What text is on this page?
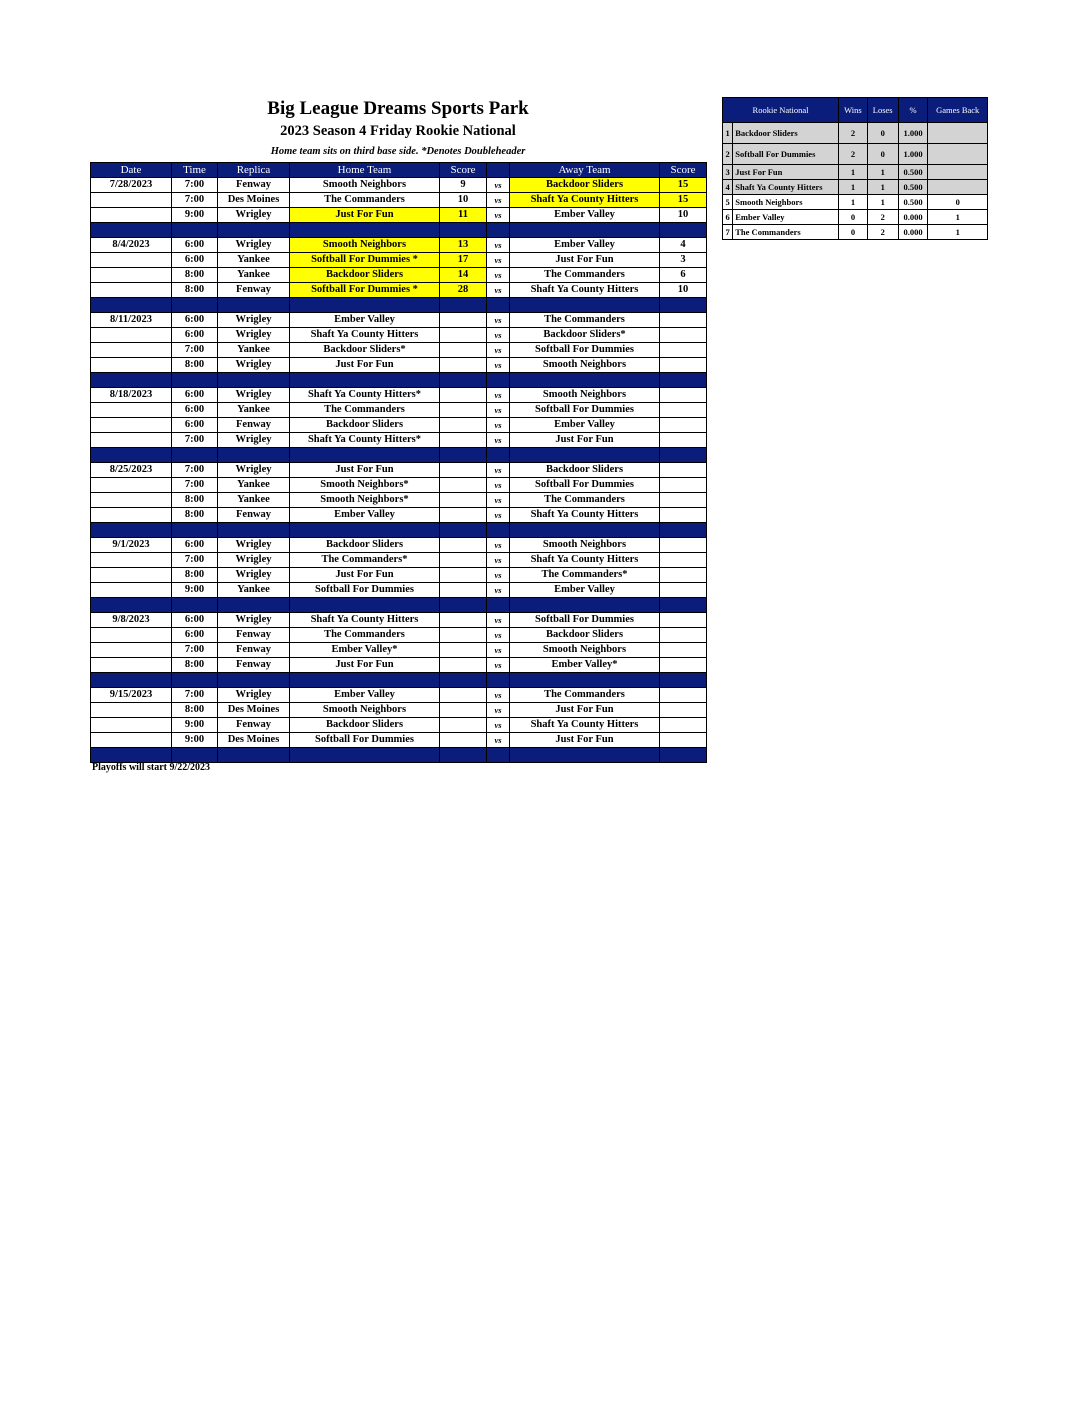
Big League Dreams Sports Park
2023 Season 4 Friday Rookie National
Home team sits on third base side. *Denotes Doubleheader
Date	Time	Replica	Home Team	Score		Away Team	Score
7/28/2023	7:00	Fenway	Smooth Neighbors	9	vs	Backdoor Sliders	15
	7:00	Des Moines	The Commanders	10	vs	Shaft Ya County Hitters	15
	9:00	Wrigley	Just For Fun	11	vs	Ember Valley	10

8/4/2023	6:00	Wrigley	Smooth Neighbors	13	vs	Ember Valley	4
	6:00	Yankee	Softball For Dummies *	17	vs	Just For Fun	3
	8:00	Yankee	Backdoor Sliders	14	vs	The Commanders	6
	8:00	Fenway	Softball For Dummies *	28	vs	Shaft Ya County Hitters	10

8/11/2023	6:00	Wrigley	Ember Valley		vs	The Commanders	
	6:00	Wrigley	Shaft Ya County Hitters		vs	Backdoor Sliders*	
	7:00	Yankee	Backdoor Sliders*		vs	Softball For Dummies	
	8:00	Wrigley	Just For Fun		vs	Smooth Neighbors	

8/18/2023	6:00	Wrigley	Shaft Ya County Hitters*		vs	Smooth Neighbors	
	6:00	Yankee	The Commanders		vs	Softball For Dummies	
	6:00	Fenway	Backdoor Sliders		vs	Ember Valley	
	7:00	Wrigley	Shaft Ya County Hitters*		vs	Just For Fun	

8/25/2023	7:00	Wrigley	Just For Fun		vs	Backdoor Sliders	
	7:00	Yankee	Smooth Neighbors*		vs	Softball For Dummies	
	8:00	Yankee	Smooth Neighbors*		vs	The Commanders	
	8:00	Fenway	Ember Valley		vs	Shaft Ya County Hitters	

9/1/2023	6:00	Wrigley	Backdoor Sliders		vs	Smooth Neighbors	
	7:00	Wrigley	The Commanders*		vs	Shaft Ya County Hitters	
	8:00	Wrigley	Just For Fun		vs	The Commanders*	
	9:00	Yankee	Softball For Dummies		vs	Ember Valley	

9/8/2023	6:00	Wrigley	Shaft Ya County Hitters		vs	Softball For Dummies	
	6:00	Fenway	The Commanders		vs	Backdoor Sliders	
	7:00	Fenway	Ember Valley*		vs	Smooth Neighbors	
	8:00	Fenway	Just For Fun		vs	Ember Valley*	

9/15/2023	7:00	Wrigley	Ember Valley		vs	The Commanders	
	8:00	Des Moines	Smooth Neighbors		vs	Just For Fun	
	9:00	Fenway	Backdoor Sliders		vs	Shaft Ya County Hitters	
	9:00	Des Moines	Softball For Dummies		vs	Just For Fun	

Playoffs will start 9/22/2023
Rookie National		Wins	Loses	%	Games Back
1	Backdoor Sliders	2	0	1.000	
2	Softball For Dummies	2	0	1.000	
3	Just For Fun	1	1	0.500	
4	Shaft Ya County Hitters	1	1	0.500	
5	Smooth Neighbors	1	1	0.500	0
6	Ember Valley	0	2	0.000	1
7	The Commanders	0	2	0.000	1
